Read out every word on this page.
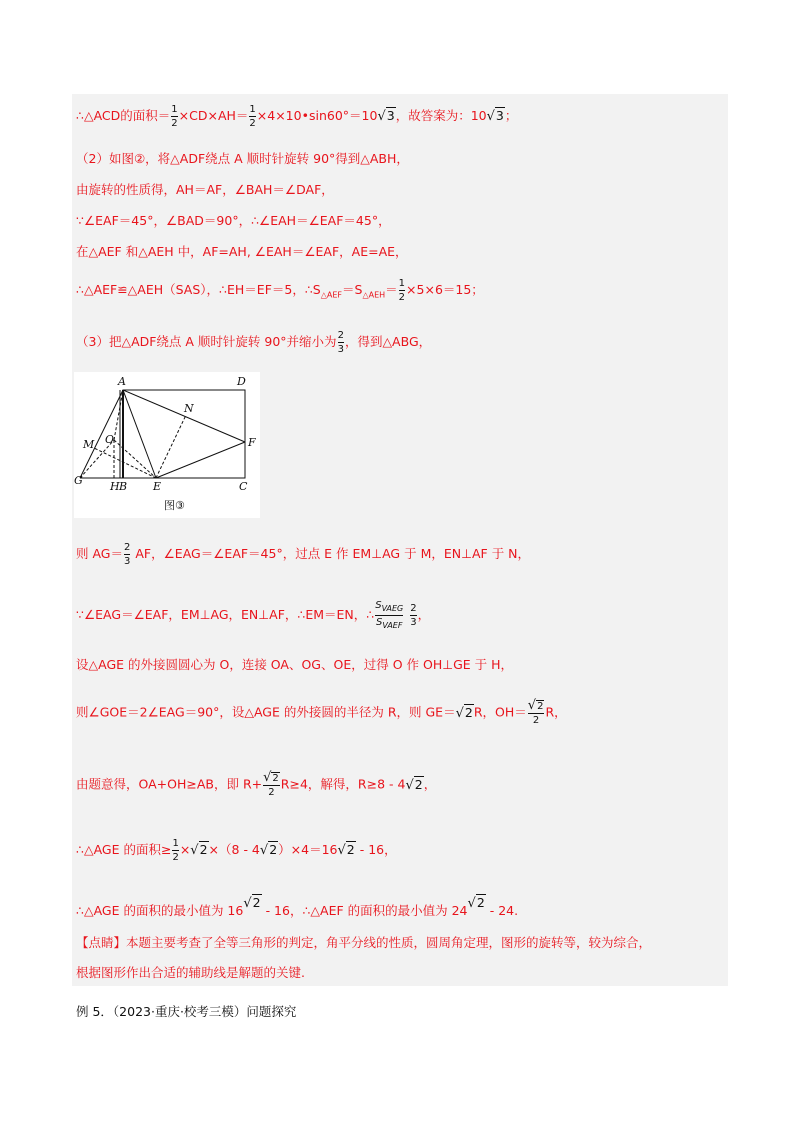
∴△ACD的面积＝ $\frac{1}{2} \times CD\times AH= \frac{1}{2}$ ×4×10•sin60°＝10√3，故答案为：10√3；
（2）如图②，将△ADF绕点 A 顺时针旋转 90°得到△ABH，
由旋转的性质得，AH＝AF，∠BAH＝∠DAF，
∵∠EAF＝45°，∠BAD＝90°，∴∠EAH＝∠EAF＝45°，
在△AEF 和△AEH 中，AF=AH, ∠EAH＝∠EAF，AE=AE，
∴△AEF≌△AEH（SAS），∴EH＝EF＝5，$\therefore S_{\triangle AEF}=S_{\triangle AEH}= \frac{1}{2} \times 5\times 6=15$；
（3）把△ADF绕点 A 顺时针旋转 90°并缩小为 $\frac{2}{3}$ ，得到△ABG，
A	D
N
M O	F
G H B E	C
图③
则 $AG= \frac{2}{3}$ AF，∠EAG＝∠EAF＝45°，过点 E 作 EM⊥AG 于 M，EN⊥AF 于 N，
∵∠EAG＝∠EAF，EM⊥AG，EN⊥AF，∴EM＝EN，∴ $\frac{S_{VAEG}}{S_{VAEF}} \frac{2}{3}$ ，
设△AGE 的外接圆圆心为 O，连接 OA、OG、OE，过得 O 作 OH⊥GE 于 H，
则∠GOE＝2∠EAG＝90°，设△AGE 的外接圆的半径为 R，则 GE＝√2R，$OH= \frac{√2}{2}$ R，
由题意得，OA+OH≥AB，即 $R+ \frac{√2}{2} R\ge 4$，解得，R≥8 - 4√2，
∴△AGE 的面积≥ $\frac{1}{2} \times√2\times(8 - 4√2)\times 4=16√2 - 16$，
∴△AGE 的面积的最小值为 16√2 - 16，∴△AEF 的面积的最小值为 24√2 - 24.
【点睛】本题主要考查了全等三角形的判定，角平分线的性质，圆周角定理，图形的旋转等，较为综合，
根据图形作出合适的辅助线是解题的关键.
例 5．（2023·重庆·校考三模）问题探究
